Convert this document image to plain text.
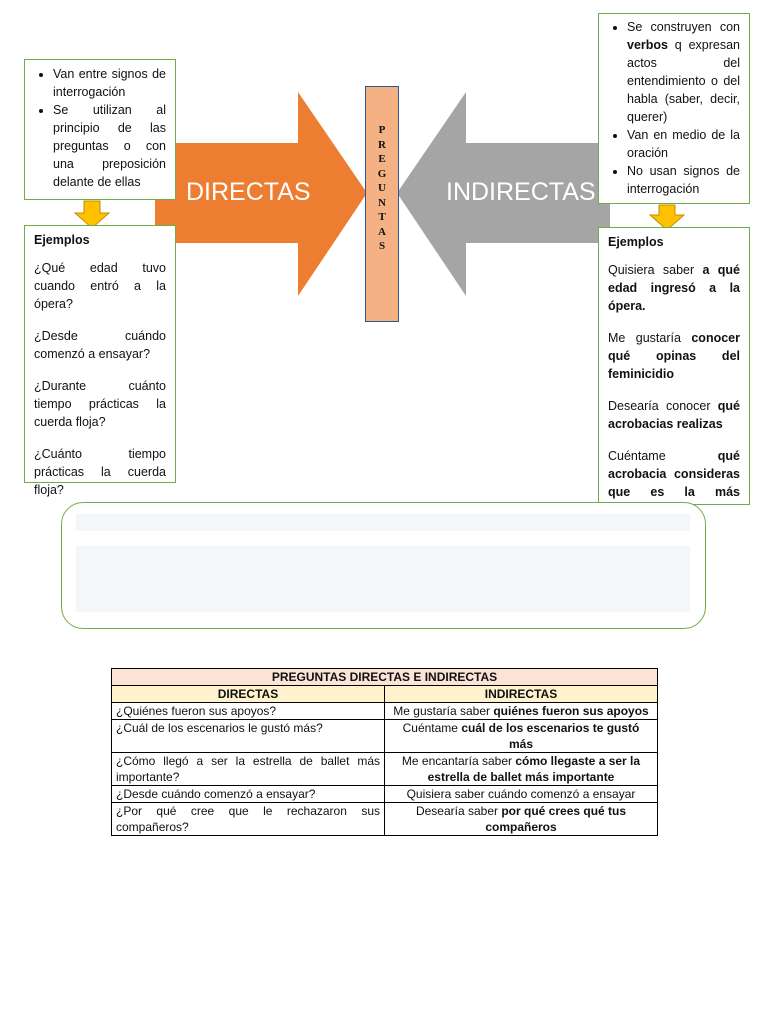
DIRECTAS	INDIRECTAS
P
R
E
G
U
N
T
A
S
• Van entre signos de interrogación
• Se utilizan al principio de las preguntas o con una preposición delante de ellas
Ejemplos

¿Qué edad tuvo cuando entró a la ópera?

¿Desde cuándo comenzó a ensayar?

¿Durante cuánto tiempo prácticas la cuerda floja?

¿Cuánto tiempo prácticas la cuerda floja?

• Se construyen con verbos q expresan actos del entendimiento o del habla (saber, decir, querer)
• Van en medio de la oración
• No usan signos de interrogación
Ejemplos

Quisiera saber a qué edad ingresó a la ópera.

Me gustaría conocer qué opinas del feminicidio

Desearía conocer qué acrobacias realizas

Cuéntame qué acrobacia consideras que es la más

PREGUNTAS DIRECTAS E INDIRECTAS	
DIRECTAS	INDIRECTAS
¿Quiénes fueron sus apoyos?	Me gustaría saber quiénes fueron sus apoyos
¿Cuál de los escenarios le gustó más?	Cuéntame cuál de los escenarios te gustó más
¿Cómo llegó a ser la estrella de ballet más importante?	Me encantaría saber cómo llegaste a ser la estrella de ballet más importante
¿Desde cuándo comenzó a ensayar?	Quisiera saber cuándo comenzó a ensayar
¿Por qué cree que le rechazaron sus compañeros?	Desearía saber por qué crees qué tus compañeros
